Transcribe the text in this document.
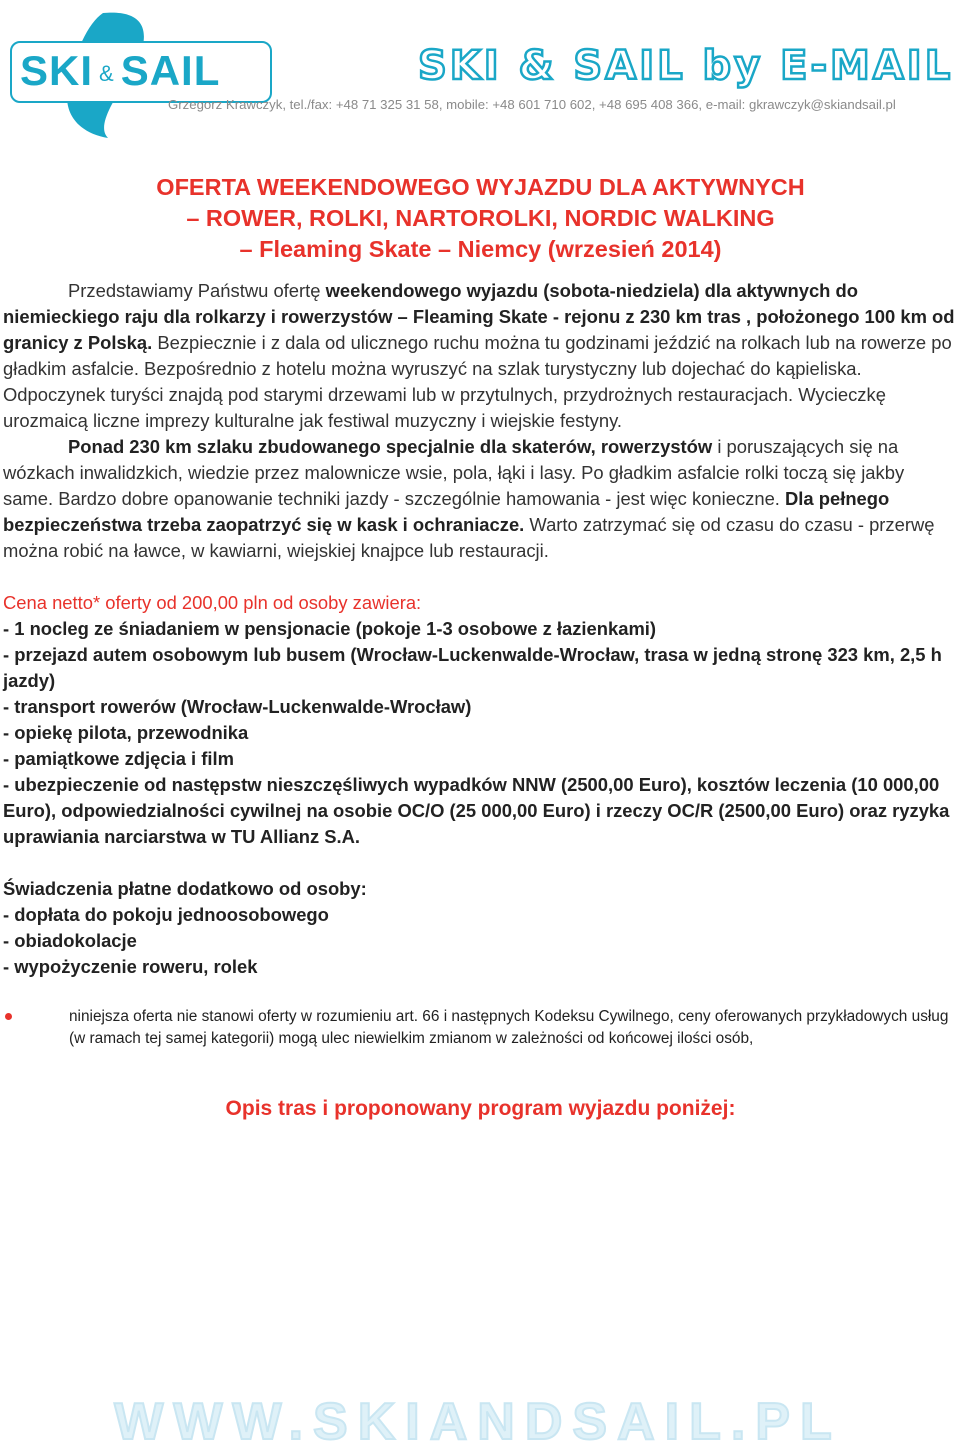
SKI & SAIL	SKI & SAIL by E-MAIL
Grzegorz Krawczyk, tel./fax: +48 71 325 31 58, mobile: +48 601 710 602, +48 695 408 366, e-mail: gkrawczyk@skiandsail.pl
OFERTA WEEKENDOWEGO WYJAZDU DLA AKTYWNYCH
– ROWER, ROLKI, NARTOROLKI, NORDIC WALKING
– Fleaming Skate – Niemcy (wrzesień 2014)

Przedstawiamy Państwu ofertę weekendowego wyjazdu (sobota-niedziela) dla aktywnych do niemieckiego raju dla rolkarzy i rowerzystów – Fleaming Skate - rejonu z 230 km tras , położonego 100 km od granicy z Polską. Bezpiecznie i z dala od ulicznego ruchu można tu godzinami jeździć na rolkach lub na rowerze po gładkim asfalcie. Bezpośrednio z hotelu można wyruszyć na szlak turystyczny lub dojechać do kąpieliska. Odpoczynek turyści znajdą pod starymi drzewami lub w przytulnych, przydrożnych restauracjach. Wycieczkę urozmaicą liczne imprezy kulturalne jak festiwal muzyczny i wiejskie festyny.

Ponad 230 km szlaku zbudowanego specjalnie dla skaterów, rowerzystów i poruszających się na wózkach inwalidzkich, wiedzie przez malownicze wsie, pola, łąki i lasy. Po gładkim asfalcie rolki toczą się jakby same. Bardzo dobre opanowanie techniki jazdy - szczególnie hamowania - jest więc konieczne. Dla pełnego bezpieczeństwa trzeba zaopatrzyć się w kask i ochraniacze. Warto zatrzymać się od czasu do czasu - przerwę można robić na ławce, w kawiarni, wiejskiej knajpce lub restauracji.

Cena netto* oferty od 200,00 pln od osoby zawiera:

- 1 nocleg ze śniadaniem w pensjonacie (pokoje 1-3 osobowe z łazienkami)

- przejazd autem osobowym lub busem (Wrocław-Luckenwalde-Wrocław, trasa w jedną stronę 323 km, 2,5 h jazdy)

- transport rowerów (Wrocław-Luckenwalde-Wrocław)

- opiekę pilota, przewodnika

- pamiątkowe zdjęcia i film

- ubezpieczenie od następstw nieszczęśliwych wypadków NNW (2500,00 Euro), kosztów leczenia (10 000,00 Euro), odpowiedzialności cywilnej na osobie OC/O (25 000,00 Euro) i rzeczy OC/R (2500,00 Euro) oraz ryzyka uprawiania narciarstwa w TU Allianz S.A.

Świadczenia płatne dodatkowo od osoby:

- dopłata do pokoju jednoosobowego

- obiadokolacje

- wypożyczenie roweru, rolek

niniejsza oferta nie stanowi oferty w rozumieniu art. 66 i następnych Kodeksu Cywilnego, ceny oferowanych przykładowych usług (w ramach tej samej kategorii) mogą ulec niewielkim zmianom w zależności od końcowej ilości osób,
Opis tras i proponowany program wyjazdu poniżej:
WWW.SKIANDSAIL.PL
